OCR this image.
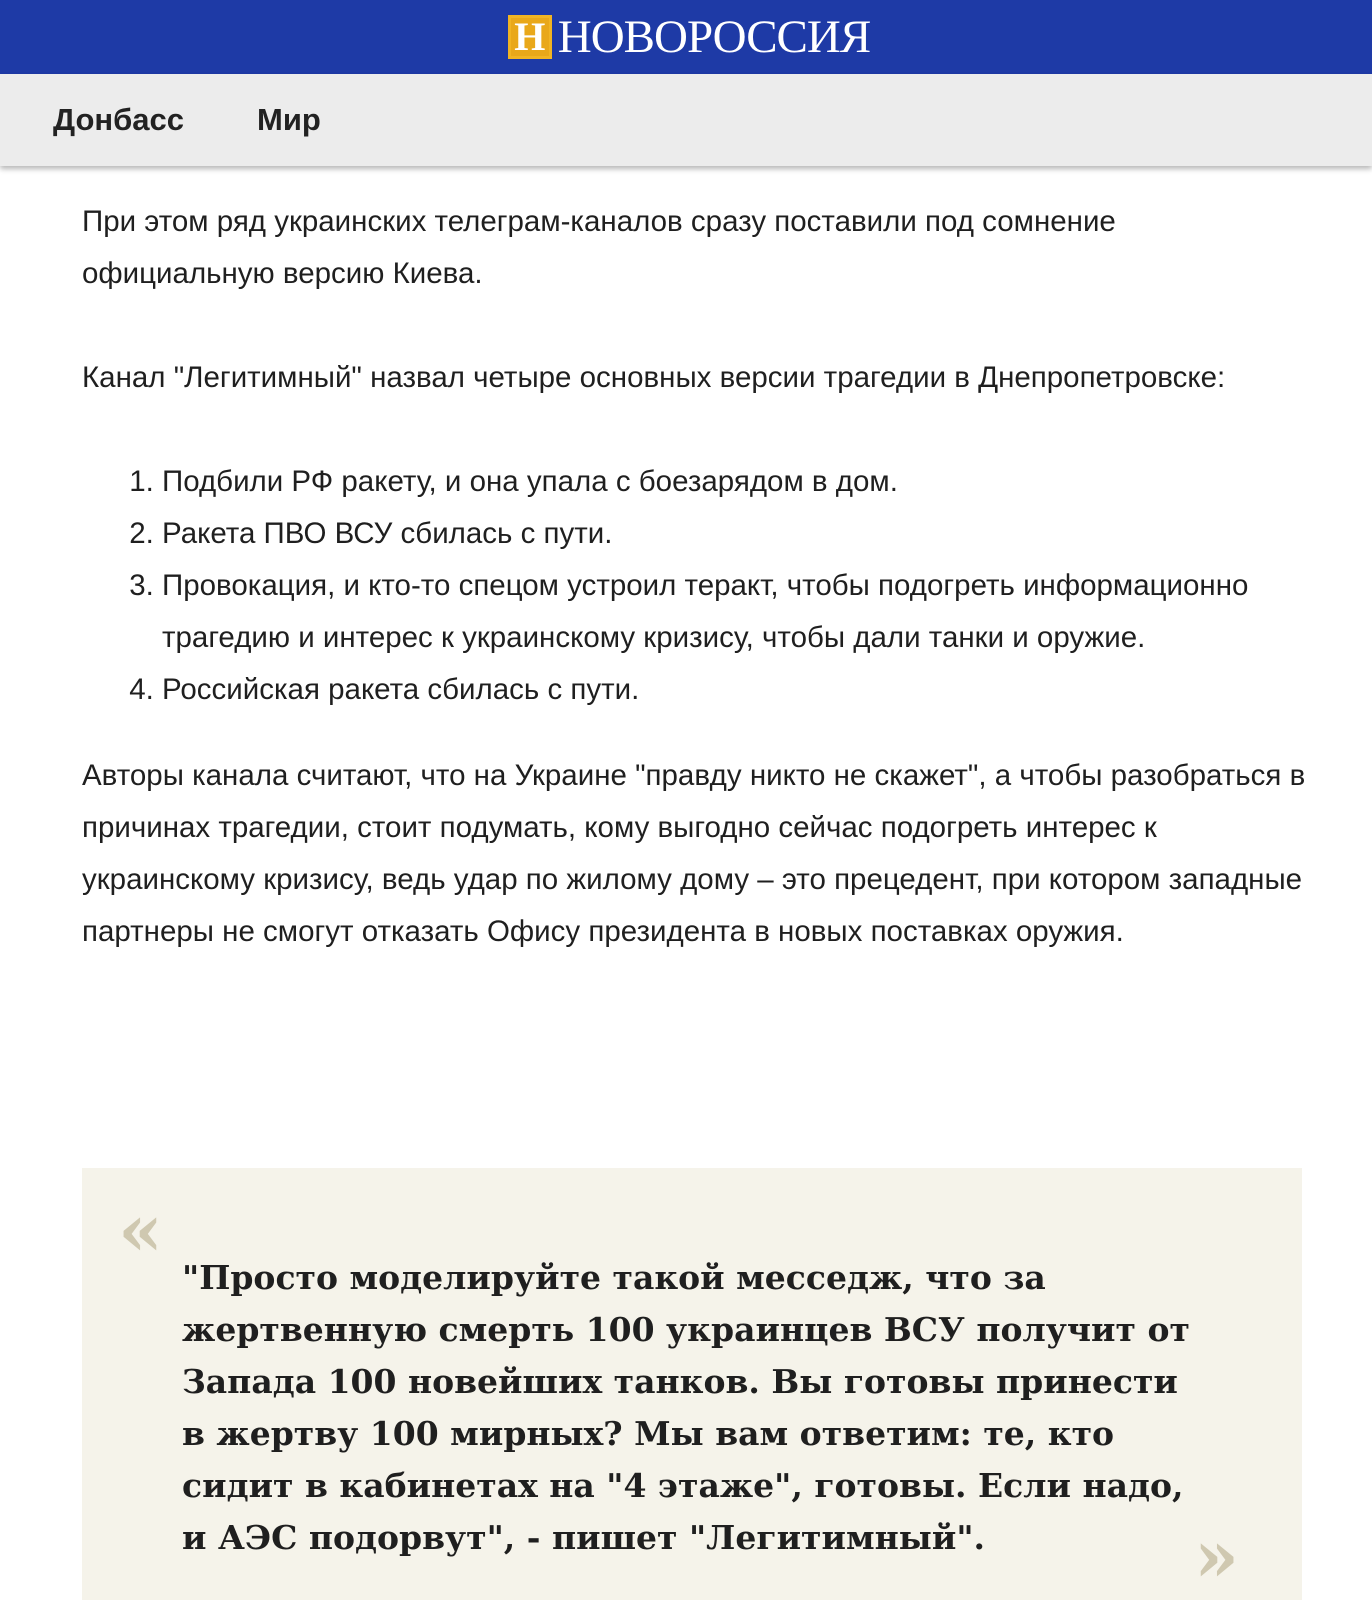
H НОВОРОССИЯ
Донбасс Мир

При этом ряд украинских телеграм-каналов сразу поставили под сомнение официальную версию Киева.

Канал "Легитимный" назвал четыре основных версии трагедии в Днепропетровске:

1. Подбили РФ ракету, и она упала с боезарядом в дом.
2. Ракета ПВО ВСУ сбилась с пути.
3. Провокация, и кто-то спецом устроил теракт, чтобы подогреть информационно трагедию и интерес к украинскому кризису, чтобы дали танки и оружие.
4. Российская ракета сбилась с пути.

Авторы канала считают, что на Украине "правду никто не скажет", а чтобы разобраться в причинах трагедии, стоит подумать, кому выгодно сейчас подогреть интерес к украинскому кризису, ведь удар по жилому дому – это прецедент, при котором западные партнеры не смогут отказать Офису президента в новых поставках оружия.

«

"Просто моделируйте такой месседж, что за жертвенную смерть 100 украинцев ВСУ получит от Запада 100 новейших танков. Вы готовы принести в жертву 100 мирных? Мы вам ответим: те, кто сидит в кабинетах на "4 этаже", готовы. Если надо, и АЭС подорвут", - пишет "Легитимный".	»
